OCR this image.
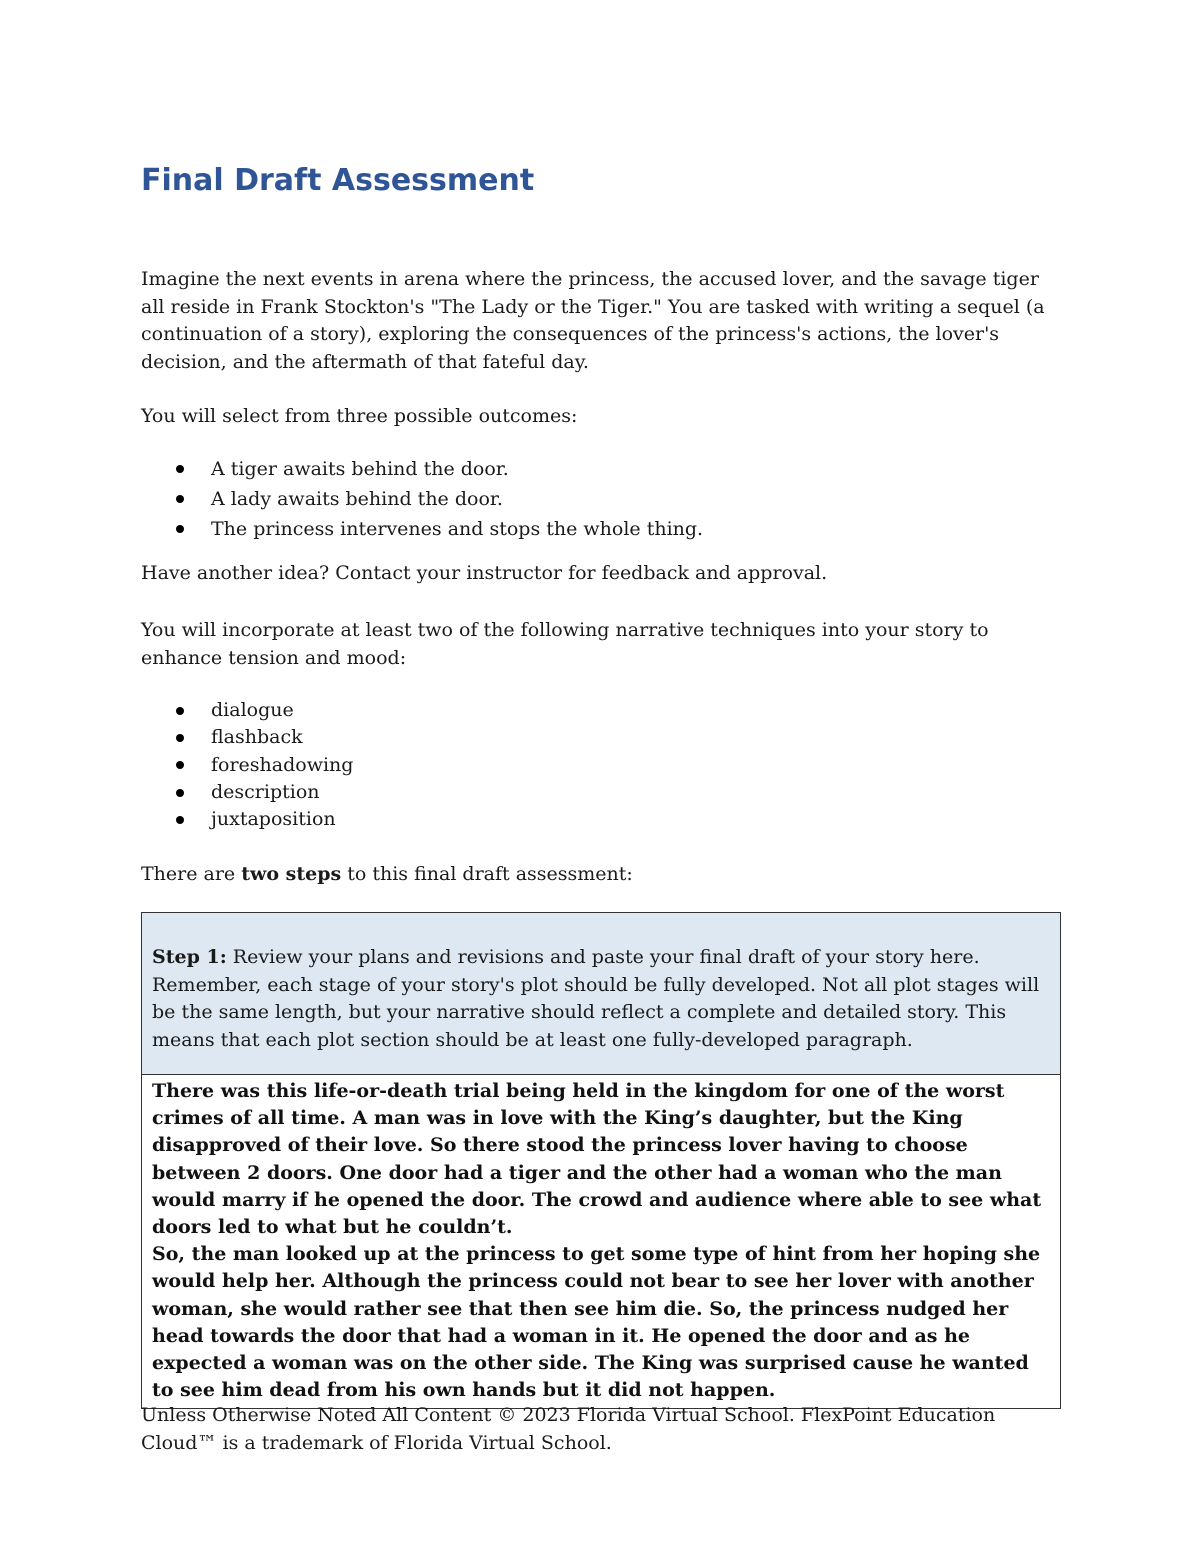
Final Draft Assessment

Imagine the next events in arena where the princess, the accused lover, and the savage tiger all reside in Frank Stockton's "The Lady or the Tiger." You are tasked with writing a sequel (a continuation of a story), exploring the consequences of the princess's actions, the lover's decision, and the aftermath of that fateful day.

You will select from three possible outcomes:

A tiger awaits behind the door.
A lady awaits behind the door.
The princess intervenes and stops the whole thing.

Have another idea? Contact your instructor for feedback and approval.

You will incorporate at least two of the following narrative techniques into your story to enhance tension and mood:

dialogue
flashback
foreshadowing
description
juxtaposition

There are two steps to this final draft assessment:

Step 1: Review your plans and revisions and paste your final draft of your story here. Remember, each stage of your story's plot should be fully developed. Not all plot stages will be the same length, but your narrative should reflect a complete and detailed story. This means that each plot section should be at least one fully-developed paragraph.

There was this life-or-death trial being held in the kingdom for one of the worst crimes of all time. A man was in love with the King’s daughter, but the King disapproved of their love. So there stood the princess lover having to choose between 2 doors. One door had a tiger and the other had a woman who the man would marry if he opened the door. The crowd and audience where able to see what doors led to what but he couldn’t.

So, the man looked up at the princess to get some type of hint from her hoping she would help her. Although the princess could not bear to see her lover with another woman, she would rather see that then see him die. So, the princess nudged her head towards the door that had a woman in it. He opened the door and as he expected a woman was on the other side. The King was surprised cause he wanted to see him dead from his own hands but it did not happen.

Unless Otherwise Noted All Content © 2023 Florida Virtual School. FlexPoint Education Cloud™ is a trademark of Florida Virtual School.
